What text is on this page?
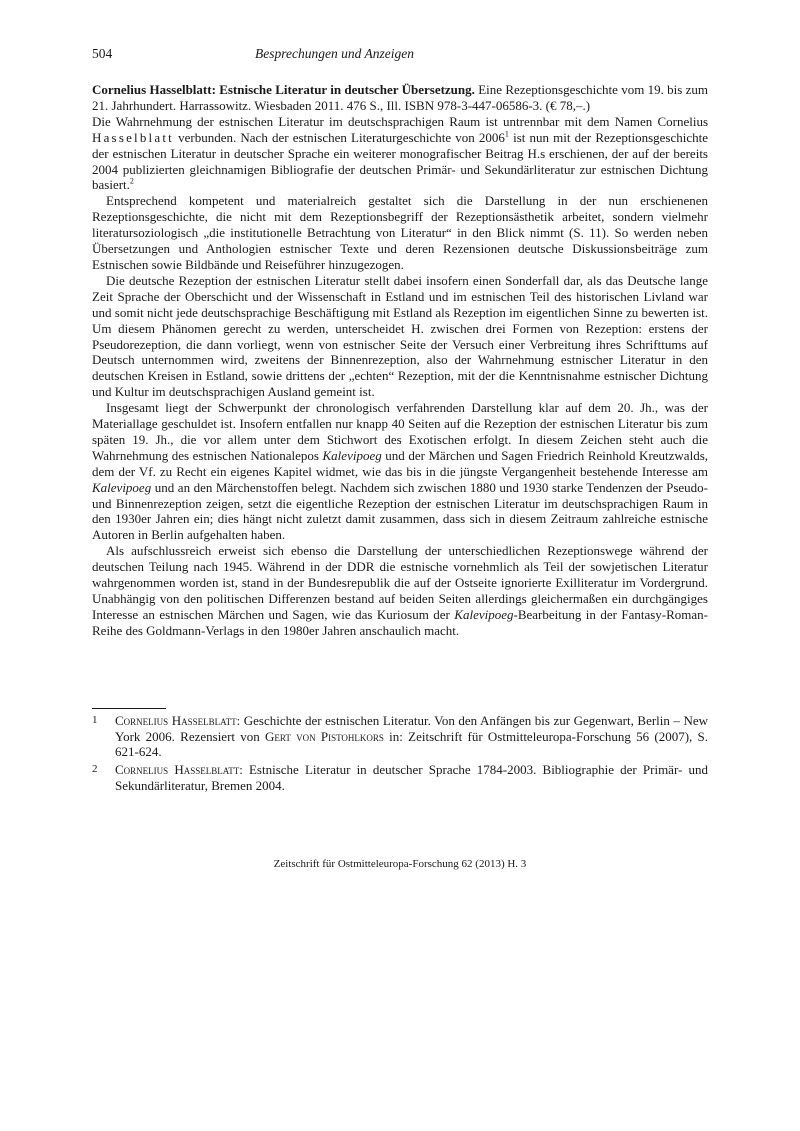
504	Besprechungen und Anzeigen

Cornelius Hasselblatt: Estnische Literatur in deutscher Übersetzung. Eine Rezeptionsgeschichte vom 19. bis zum 21. Jahrhundert. Harrassowitz. Wiesbaden 2011. 476 S., Ill. ISBN 978-3-447-06586-3. (€ 78,–.)

Die Wahrnehmung der estnischen Literatur im deutschsprachigen Raum ist untrennbar mit dem Namen Cornelius Hasselblatt verbunden. Nach der estnischen Literaturgeschichte von 2006$^1$ ist nun mit der Rezeptionsgeschichte der estnischen Literatur in deutscher Sprache ein weiterer monografischer Beitrag H.s erschienen, der auf der bereits 2004 publizierten gleichnamigen Bibliografie der deutschen Primär- und Sekundärliteratur zur estnischen Dichtung basiert.$^2$

Entsprechend kompetent und materialreich gestaltet sich die Darstellung in der nun erschienenen Rezeptionsgeschichte, die nicht mit dem Rezeptionsbegriff der Rezeptionsästhetik arbeitet, sondern vielmehr literatursoziologisch „die institutionelle Betrachtung von Literatur“ in den Blick nimmt (S. 11). So werden neben Übersetzungen und Anthologien estnischer Texte und deren Rezensionen deutsche Diskussionsbeiträge zum Estnischen sowie Bildbände und Reiseführer hinzugezogen.

Die deutsche Rezeption der estnischen Literatur stellt dabei insofern einen Sonderfall dar, als das Deutsche lange Zeit Sprache der Oberschicht und der Wissenschaft in Estland und im estnischen Teil des historischen Livland war und somit nicht jede deutschsprachige Beschäftigung mit Estland als Rezeption im eigentlichen Sinne zu bewerten ist. Um diesem Phänomen gerecht zu werden, unterscheidet H. zwischen drei Formen von Rezeption: erstens der Pseudorezeption, die dann vorliegt, wenn von estnischer Seite der Versuch einer Verbreitung ihres Schrifttums auf Deutsch unternommen wird, zweitens der Binnenrezeption, also der Wahrnehmung estnischer Literatur in den deutschen Kreisen in Estland, sowie drittens der „echten“ Rezeption, mit der die Kenntnisnahme estnischer Dichtung und Kultur im deutschsprachigen Ausland gemeint ist.

Insgesamt liegt der Schwerpunkt der chronologisch verfahrenden Darstellung klar auf dem 20. Jh., was der Materiallage geschuldet ist. Insofern entfallen nur knapp 40 Seiten auf die Rezeption der estnischen Literatur bis zum späten 19. Jh., die vor allem unter dem Stichwort des Exotischen erfolgt. In diesem Zeichen steht auch die Wahrnehmung des estnischen Nationalepos Kalevipoeg und der Märchen und Sagen Friedrich Reinhold Kreutzwalds, dem der Vf. zu Recht ein eigenes Kapitel widmet, wie das bis in die jüngste Vergangenheit bestehende Interesse am Kalevipoeg und an den Märchenstoffen belegt. Nachdem sich zwischen 1880 und 1930 starke Tendenzen der Pseudo- und Binnenrezeption zeigen, setzt die eigentliche Rezeption der estnischen Literatur im deutschsprachigen Raum in den 1930er Jahren ein; dies hängt nicht zuletzt damit zusammen, dass sich in diesem Zeitraum zahlreiche estnische Autoren in Berlin aufgehalten haben.

Als aufschlussreich erweist sich ebenso die Darstellung der unterschiedlichen Rezeptionswege während der deutschen Teilung nach 1945. Während in der DDR die estnische vornehmlich als Teil der sowjetischen Literatur wahrgenommen worden ist, stand in der Bundesrepublik die auf der Ostseite ignorierte Exilliteratur im Vordergrund. Unabhängig von den politischen Differenzen bestand auf beiden Seiten allerdings gleichermaßen ein durchgängiges Interesse an estnischen Märchen und Sagen, wie das Kuriosum der Kalevipoeg-Bearbeitung in der Fantasy-Roman-Reihe des Goldmann-Verlags in den 1980er Jahren anschaulich macht.

1 Cornelius Hasselblatt: Geschichte der estnischen Literatur. Von den Anfängen bis zur Gegenwart, Berlin – New York 2006. Rezensiert von Gert von Pistohlkors in: Zeitschrift für Ostmitteleuropa-Forschung 56 (2007), S. 621-624.
2 Cornelius Hasselblatt: Estnische Literatur in deutscher Sprache 1784-2003. Bibliographie der Primär- und Sekundärliteratur, Bremen 2004.
Zeitschrift für Ostmitteleuropa-Forschung 62 (2013) H. 3
